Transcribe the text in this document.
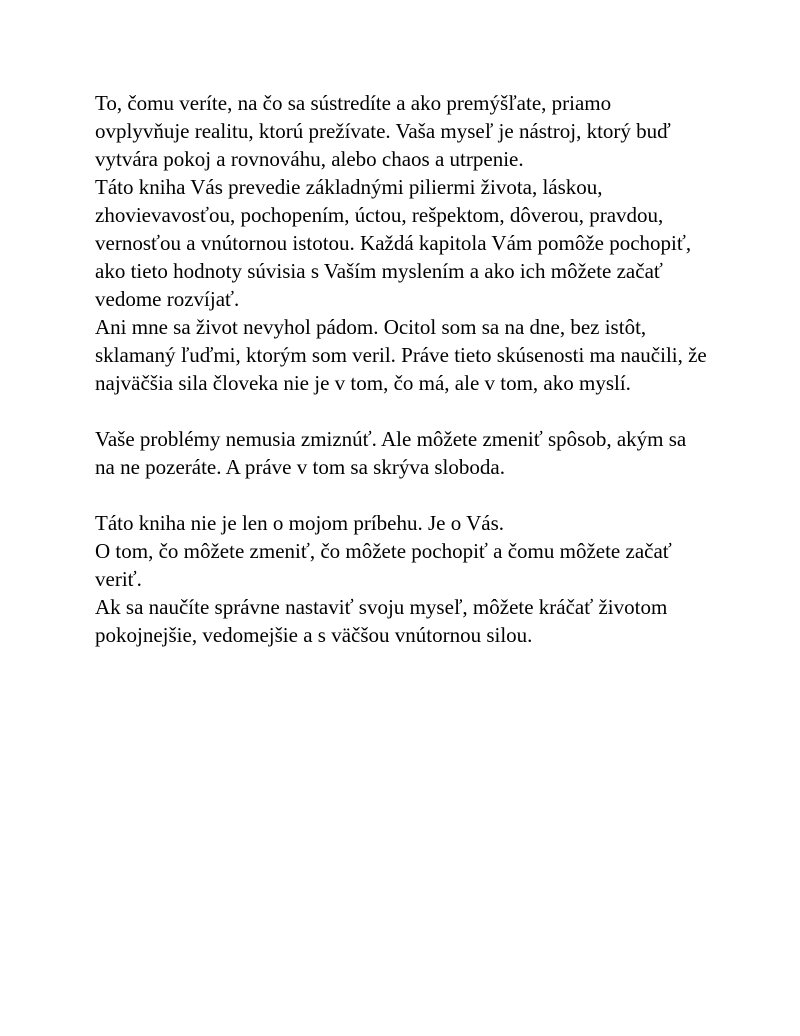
To, čomu veríte, na čo sa sústredíte a ako premýšľate, priamo
ovplyvňuje realitu, ktorú prežívate. Vaša myseľ je nástroj, ktorý buď
vytvára pokoj a rovnováhu, alebo chaos a utrpenie.

Táto kniha Vás prevedie základnými piliermi života, láskou,
zhovievavosťou, pochopením, úctou, rešpektom, dôverou, pravdou,
vernosťou a vnútornou istotou. Každá kapitola Vám pomôže pochopiť,
ako tieto hodnoty súvisia s Vaším myslením a ako ich môžete začať
vedome rozvíjať.

Ani mne sa život nevyhol pádom. Ocitol som sa na dne, bez istôt,
sklamaný ľuďmi, ktorým som veril. Práve tieto skúsenosti ma naučili, že
najväčšia sila človeka nie je v tom, čo má, ale v tom, ako myslí.

Vaše problémy nemusia zmiznúť. Ale môžete zmeniť spôsob, akým sa
na ne pozeráte. A práve v tom sa skrýva sloboda.

Táto kniha nie je len o mojom príbehu. Je o Vás.

O tom, čo môžete zmeniť, čo môžete pochopiť a čomu môžete začať
veriť.

Ak sa naučíte správne nastaviť svoju myseľ, môžete kráčať životom
pokojnejšie, vedomejšie a s väčšou vnútornou silou.
